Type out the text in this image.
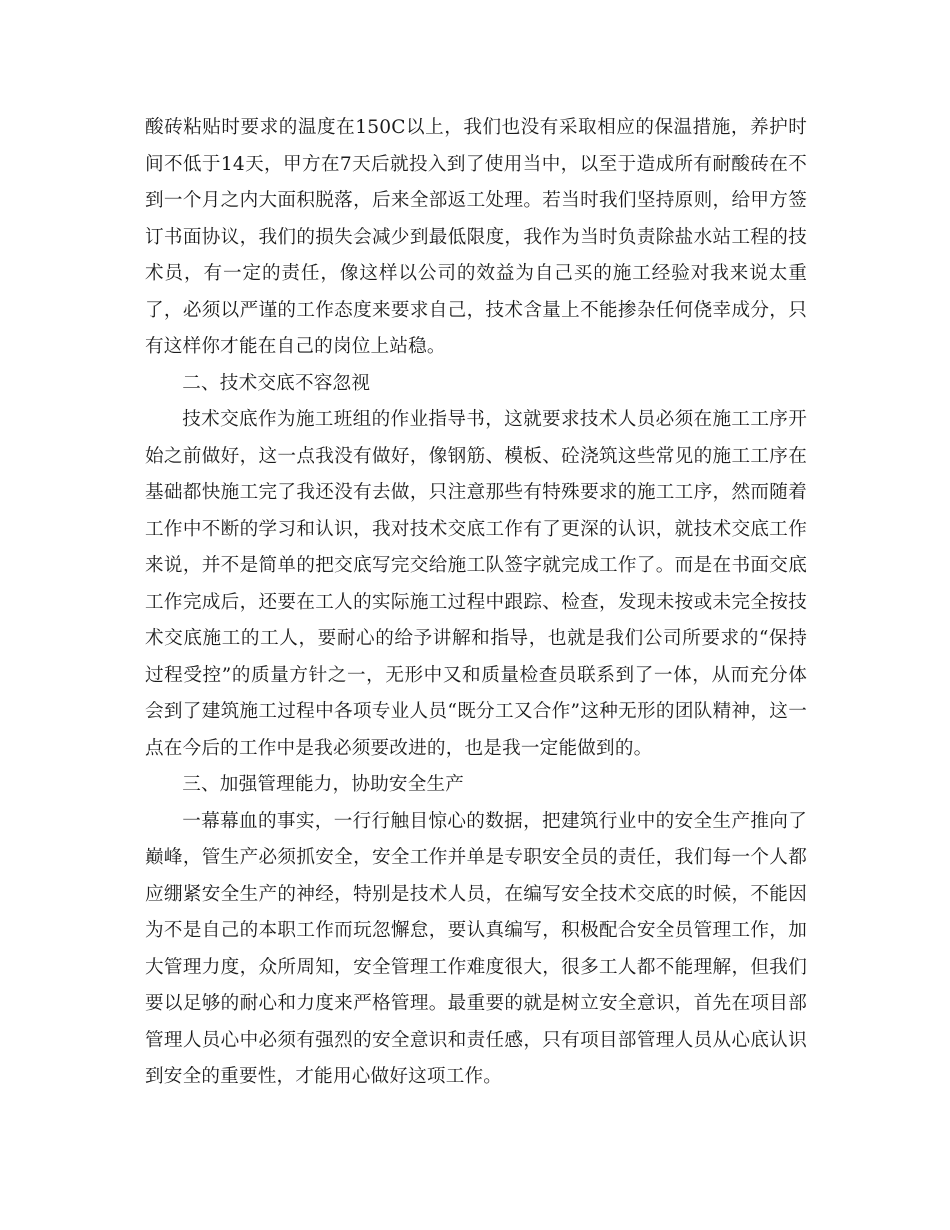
酸砖粘贴时要求的温度在150C以上，我们也没有采取相应的保温措施，养护时间不低于14天，甲方在7天后就投入到了使用当中，以至于造成所有耐酸砖在不到一个月之内大面积脱落，后来全部返工处理。若当时我们坚持原则，给甲方签订书面协议，我们的损失会减少到最低限度，我作为当时负责除盐水站工程的技术员，有一定的责任，像这样以公司的效益为自己买的施工经验对我来说太重了，必须以严谨的工作态度来要求自己，技术含量上不能掺杂任何侥幸成分，只有这样你才能在自己的岗位上站稳。

二、技术交底不容忽视

技术交底作为施工班组的作业指导书，这就要求技术人员必须在施工工序开始之前做好，这一点我没有做好，像钢筋、模板、砼浇筑这些常见的施工工序在基础都快施工完了我还没有去做，只注意那些有特殊要求的施工工序，然而随着工作中不断的学习和认识，我对技术交底工作有了更深的认识，就技术交底工作来说，并不是简单的把交底写完交给施工队签字就完成工作了。而是在书面交底工作完成后，还要在工人的实际施工过程中跟踪、检查，发现未按或未完全按技术交底施工的工人，要耐心的给予讲解和指导，也就是我们公司所要求的“保持过程受控”的质量方针之一，无形中又和质量检查员联系到了一体，从而充分体会到了建筑施工过程中各项专业人员“既分工又合作”这种无形的团队精神，这一点在今后的工作中是我必须要改进的，也是我一定能做到的。

三、加强管理能力，协助安全生产

一幕幕血的事实，一行行触目惊心的数据，把建筑行业中的安全生产推向了巅峰，管生产必须抓安全，安全工作并单是专职安全员的责任，我们每一个人都应绷紧安全生产的神经，特别是技术人员，在编写安全技术交底的时候，不能因为不是自己的本职工作而玩忽懈怠，要认真编写，积极配合安全员管理工作，加大管理力度，众所周知，安全管理工作难度很大，很多工人都不能理解，但我们要以足够的耐心和力度来严格管理。最重要的就是树立安全意识，首先在项目部管理人员心中必须有强烈的安全意识和责任感，只有项目部管理人员从心底认识到安全的重要性，才能用心做好这项工作。
